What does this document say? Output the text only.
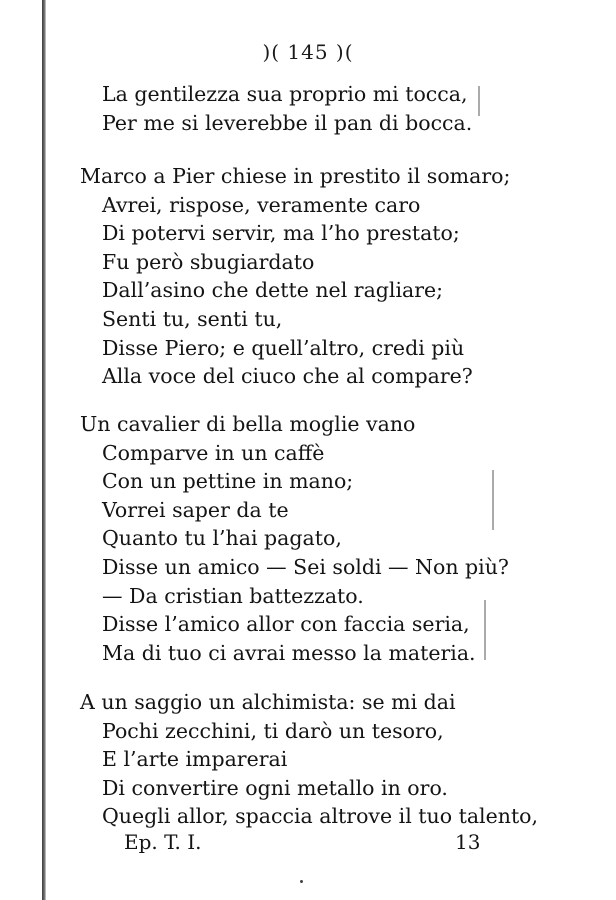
)( 145 )(
La gentilezza sua proprio mi tocca,
Per me si leverebbe il pan di bocca.
Marco a Pier chiese in prestito il somaro;
Avrei, rispose, veramente caro
Di potervi servir, ma l’ho prestato;
Fu però sbugiardato
Dall’asino che dette nel ragliare;
Senti tu, senti tu,
Disse Piero; e quell’altro, credi più
Alla voce del ciuco che al compare?
Un cavalier di bella moglie vano
Comparve in un caffè
Con un pettine in mano;
Vorrei saper da te
Quanto tu l’hai pagato,
Disse un amico — Sei soldi — Non più?
— Da cristian battezzato.
Disse l’amico allor con faccia seria,
Ma di tuo ci avrai messo la materia.
A un saggio un alchimista: se mi dai
Pochi zecchini, ti darò un tesoro,
E l’arte imparerai
Di convertire ogni metallo in oro.
Quegli allor, spaccia altrove il tuo talento,
Ep. T. I.	13
